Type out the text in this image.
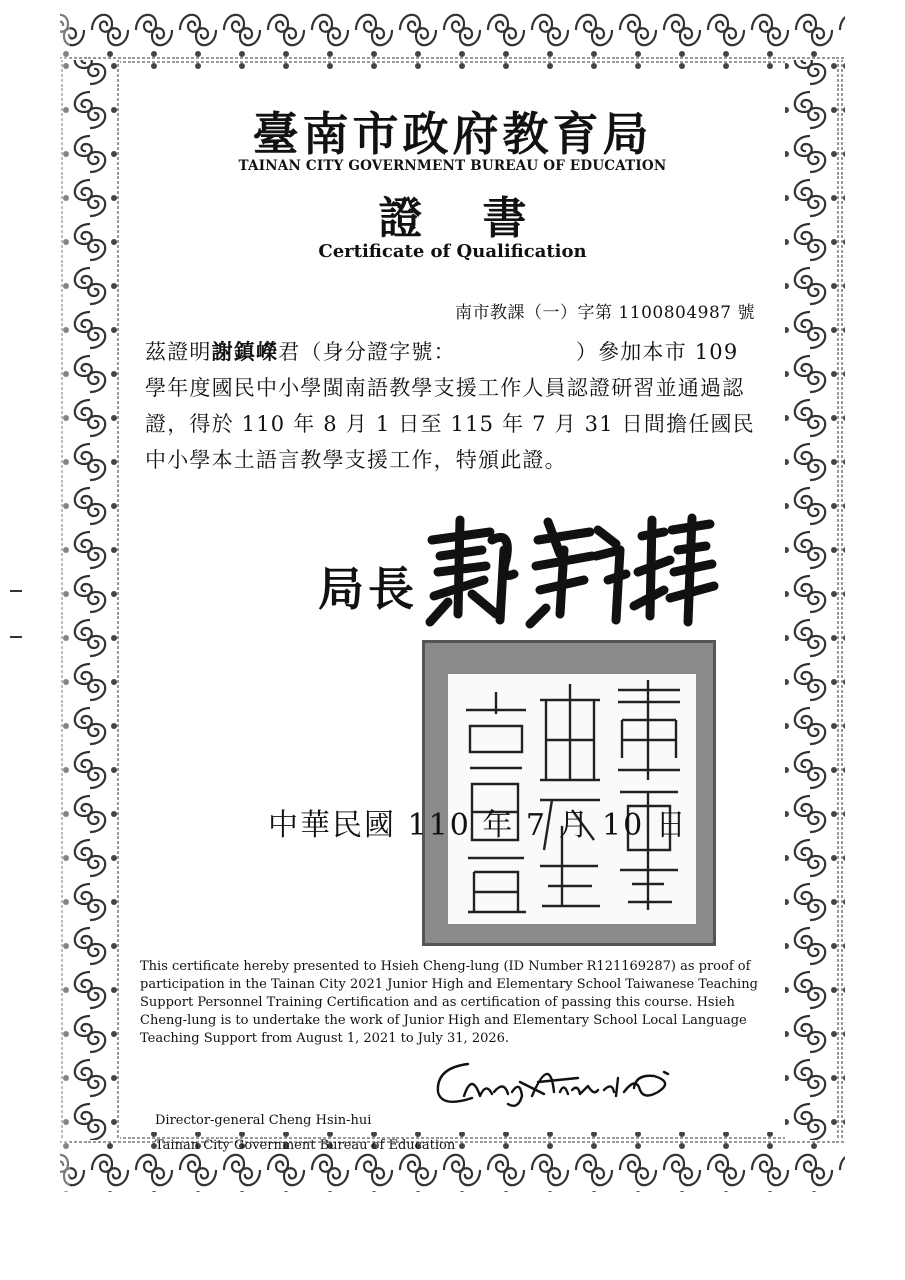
臺南市政府教育局
TAINAN CITY GOVERNMENT BUREAU OF EDUCATION
證書
Certificate of Qualification
南市教課（一）字第 1100804987 號

茲證明謝鎮嶸君（身分證字號：	）參加本市 109 學年度國民中小學閩南語教學支援工作人員認證研習並通過認證，得於 110 年 8 月 1 日至 115 年 7 月 31 日間擔任國民中小學本土語言教學支援工作，特頒此證。

局長
中華民國 110 年 7 月 10 日

This certificate hereby presented to Hsieh Cheng-lung (ID Number R121169287) as proof of participation in the Tainan City 2021 Junior High and Elementary School Taiwanese Teaching Support Personnel Training Certification and as certification of passing this course. Hsieh Cheng-lung is to undertake the work of Junior High and Elementary School Local Language Teaching Support from August 1, 2021 to July 31, 2026.

Director-general Cheng Hsin-hui
Tainan City Government Bureau of Education
